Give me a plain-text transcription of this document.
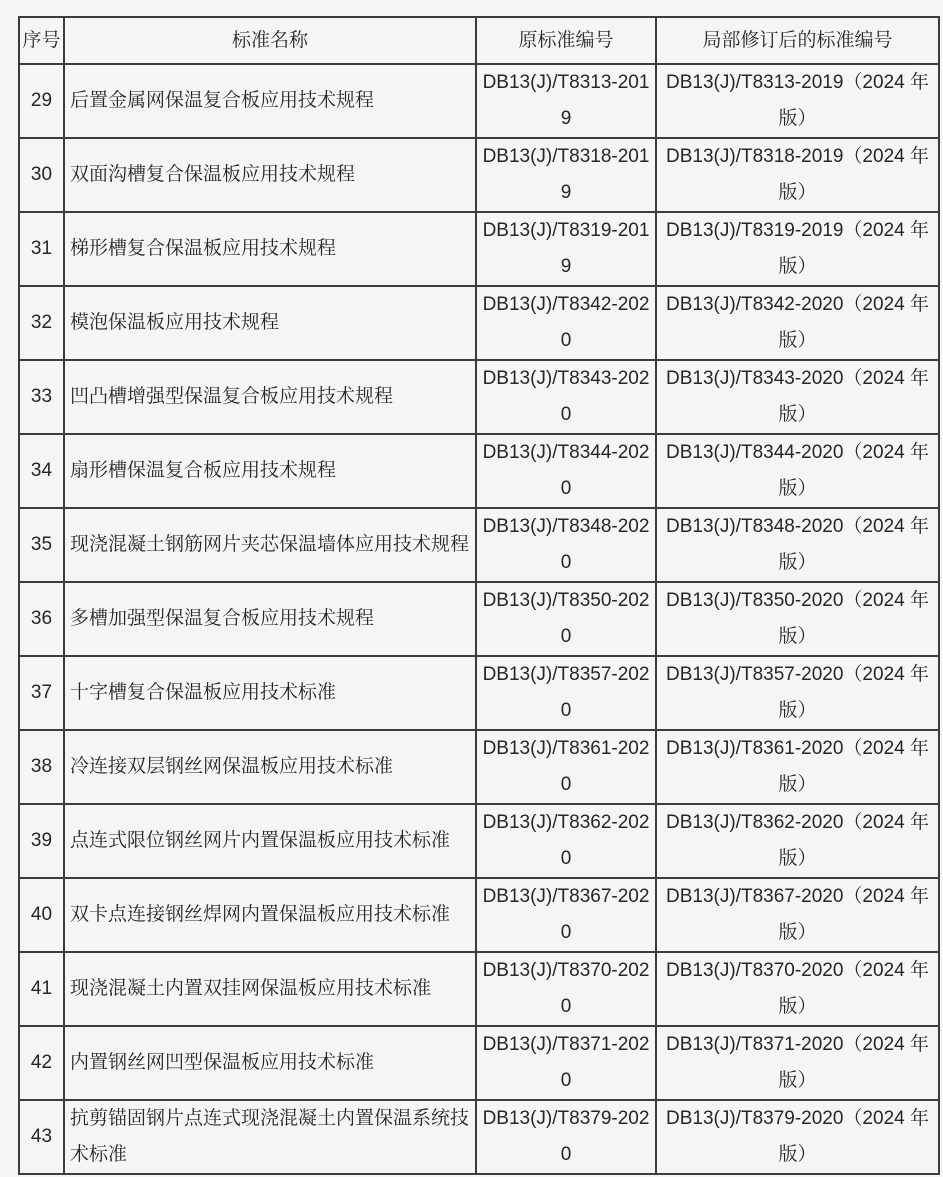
序号	标准名称	原标准编号	局部修订后的标准编号
29	后置金属网保温复合板应用技术规程	DB13(J)/T8313-2019	DB13(J)/T8313-2019（2024 年版）
30	双面沟槽复合保温板应用技术规程	DB13(J)/T8318-2019	DB13(J)/T8318-2019（2024 年版）
31	梯形槽复合保温板应用技术规程	DB13(J)/T8319-2019	DB13(J)/T8319-2019（2024 年版）
32	模泡保温板应用技术规程	DB13(J)/T8342-2020	DB13(J)/T8342-2020（2024 年版）
33	凹凸槽增强型保温复合板应用技术规程	DB13(J)/T8343-2020	DB13(J)/T8343-2020（2024 年版）
34	扇形槽保温复合板应用技术规程	DB13(J)/T8344-2020	DB13(J)/T8344-2020（2024 年版）
35	现浇混凝土钢筋网片夹芯保温墙体应用技术规程	DB13(J)/T8348-2020	DB13(J)/T8348-2020（2024 年版）
36	多槽加强型保温复合板应用技术规程	DB13(J)/T8350-2020	DB13(J)/T8350-2020（2024 年版）
37	十字槽复合保温板应用技术标准	DB13(J)/T8357-2020	DB13(J)/T8357-2020（2024 年版）
38	冷连接双层钢丝网保温板应用技术标准	DB13(J)/T8361-2020	DB13(J)/T8361-2020（2024 年版）
39	点连式限位钢丝网片内置保温板应用技术标准	DB13(J)/T8362-2020	DB13(J)/T8362-2020（2024 年版）
40	双卡点连接钢丝焊网内置保温板应用技术标准	DB13(J)/T8367-2020	DB13(J)/T8367-2020（2024 年版）
41	现浇混凝土内置双挂网保温板应用技术标准	DB13(J)/T8370-2020	DB13(J)/T8370-2020（2024 年版）
42	内置钢丝网凹型保温板应用技术标准	DB13(J)/T8371-2020	DB13(J)/T8371-2020（2024 年版）
43	抗剪锚固钢片点连式现浇混凝土内置保温系统技术标准	DB13(J)/T8379-2020	DB13(J)/T8379-2020（2024 年版）
